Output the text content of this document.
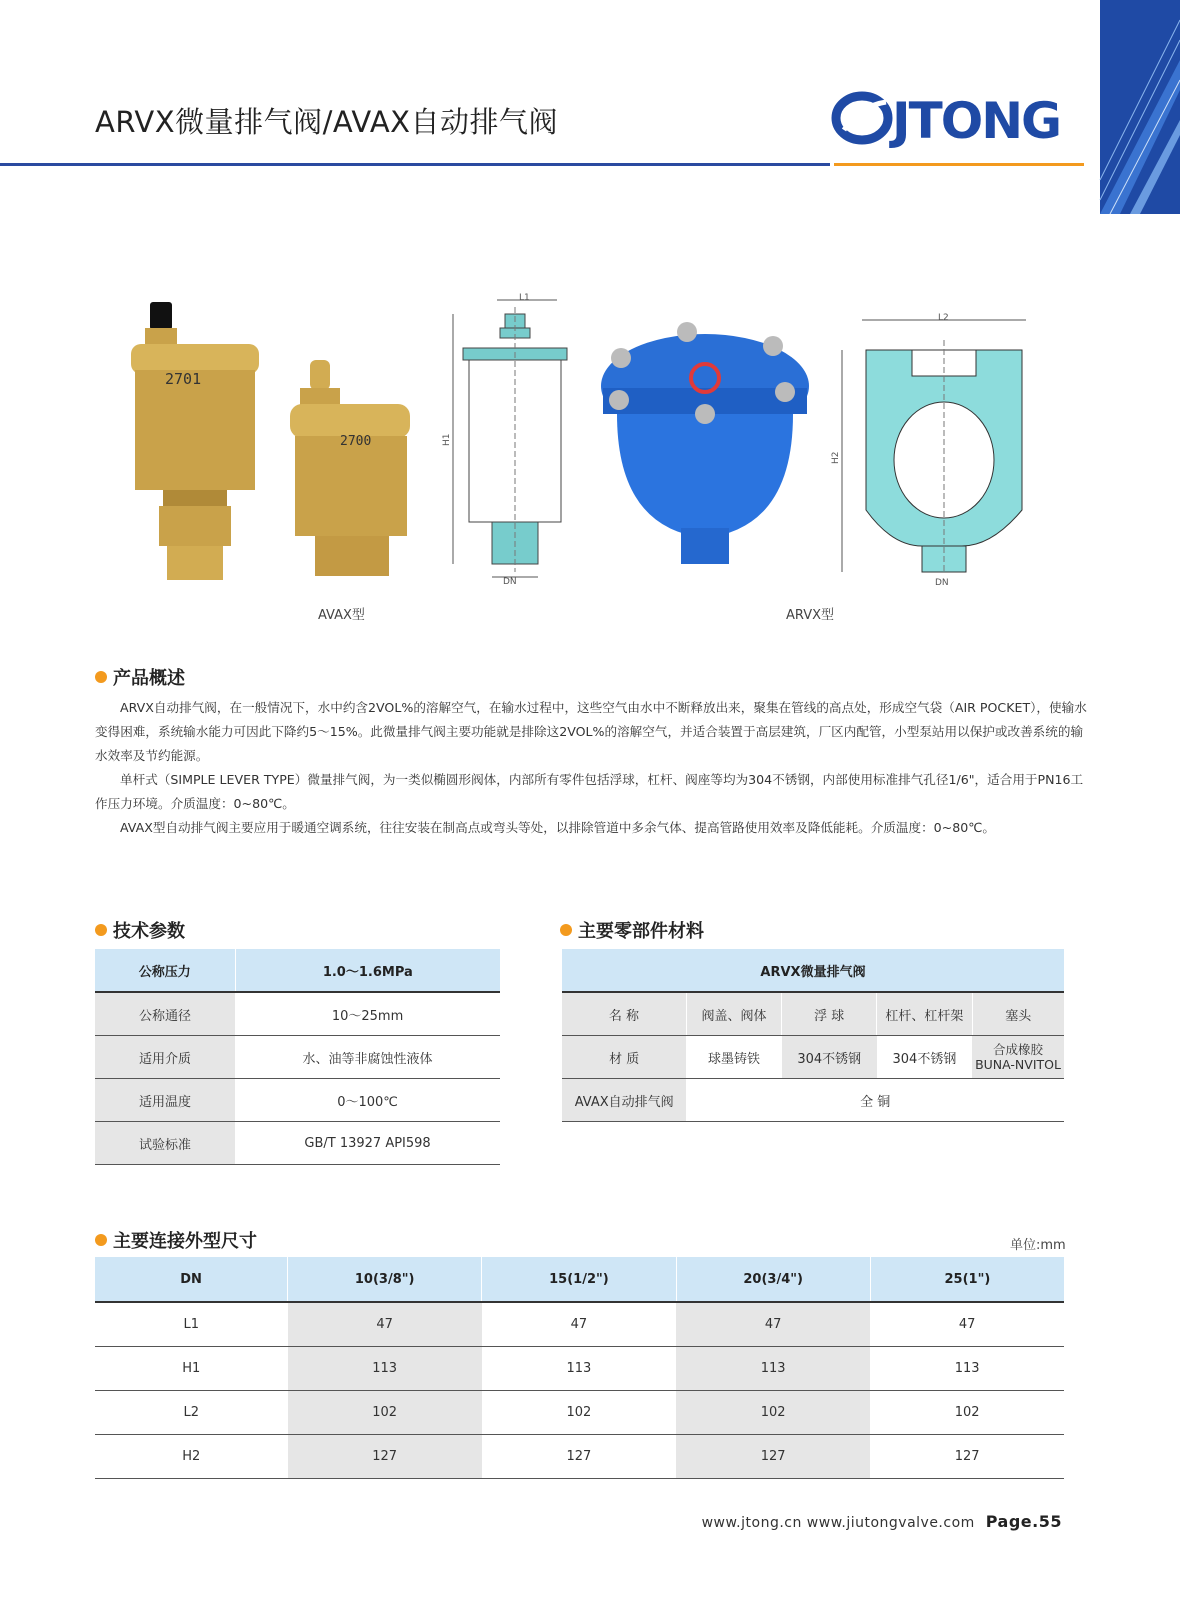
ARVX微量排气阀/AVAX自动排气阀	JTONG
2701
2700
L1
H1
DN
L2
H2
DN
AVAX型	ARVX型
产品概述

ARVX自动排气阀，在一般情况下，水中约含2VOL%的溶解空气，在输水过程中，这些空气由水中不断释放出来，聚集在管线的高点处，形成空气袋（AIR POCKET），使输水变得困难，系统输水能力可因此下降约5～15%。此微量排气阀主要功能就是排除这2VOL%的溶解空气，并适合装置于高层建筑，厂区内配管，小型泵站用以保护或改善系统的输水效率及节约能源。

单杆式（SIMPLE LEVER TYPE）微量排气阀，为一类似椭圆形阀体，内部所有零件包括浮球，杠杆、阀座等均为304不锈钢，内部使用标准排气孔径1/6"，适合用于PN16工作压力环境。介质温度：0~80℃。

AVAX型自动排气阀主要应用于暖通空调系统，往往安装在制高点或弯头等处，以排除管道中多余气体、提高管路使用效率及降低能耗。介质温度：0~80℃。

技术参数
公称压力	1.0～1.6MPa
公称通径	10～25mm
适用介质	水、油等非腐蚀性液体
适用温度	0～100℃
试验标准	GB/T 13927 API598
主要零部件材料
ARVX微量排气阀				
名 称	阀盖、阀体	浮 球	杠杆、杠杆架	塞头
材 质	球墨铸铁	304不锈钢	304不锈钢	合成橡胶
BUNA-NVITOL

AVAX自动排气阀	全 铜			
主要连接外型尺寸	单位:mm
DN	10(3/8")	15(1/2")	20(3/4")	25(1")
L1	47	47	47	47
H1	113	113	113	113
L2	102	102	102	102
H2	127	127	127	127
www.jtong.cn www.jiutongvalve.com Page.55
